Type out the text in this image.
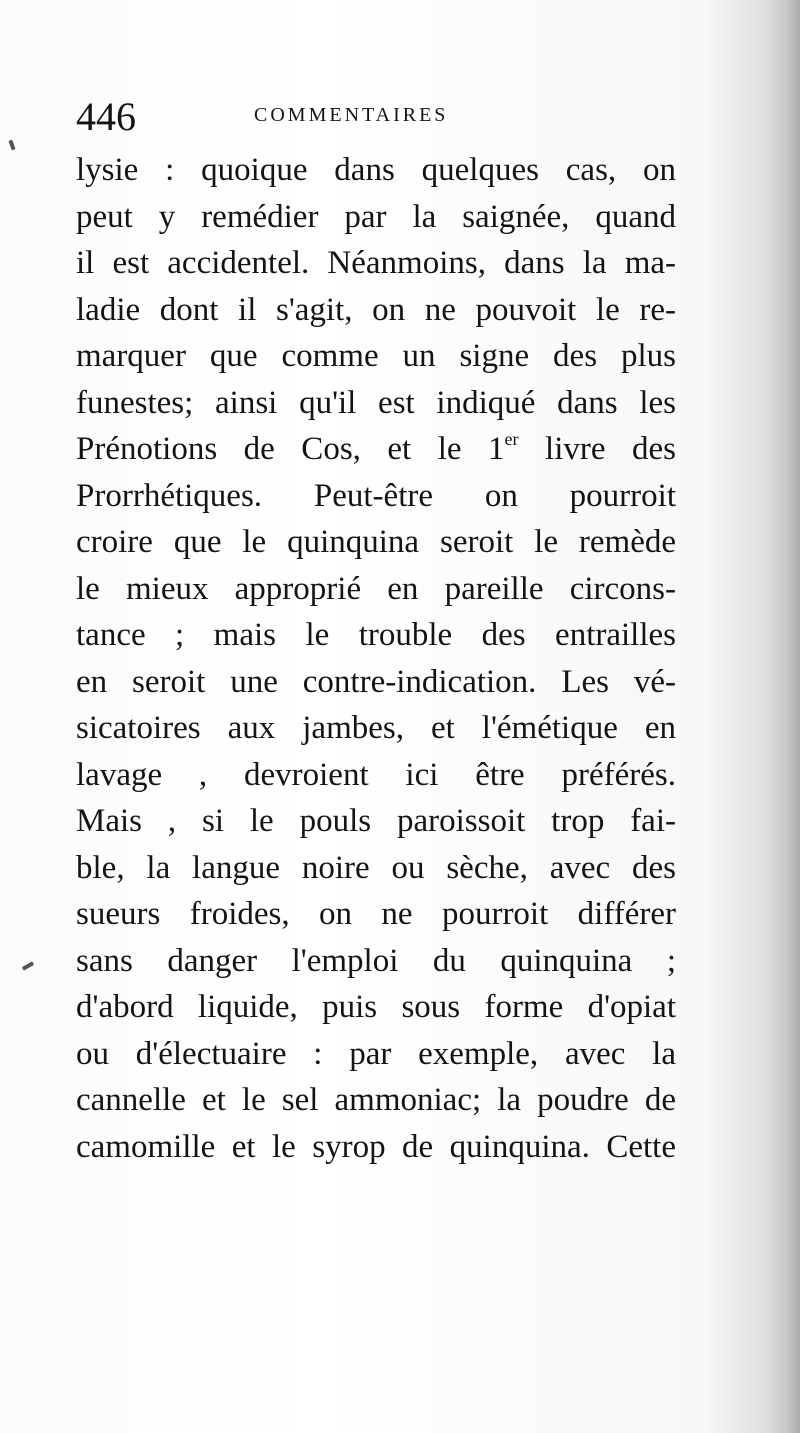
446	COMMENTAIRES
lysie : quoique dans quelques cas, on
peut y remédier par la saignée, quand
il est accidentel. Néanmoins, dans la ma-
ladie dont il s'agit, on ne pouvoit le re-
marquer que comme un signe des plus
funestes; ainsi qu'il est indiqué dans les
Prénotions de Cos, et le 1er livre des
Prorrhétiques. Peut-être on pourroit
croire que le quinquina seroit le remède
le mieux approprié en pareille circons-
tance ; mais le trouble des entrailles
en seroit une contre-indication. Les vé-
sicatoires aux jambes, et l'émétique en
lavage , devroient ici être préférés.
Mais , si le pouls paroissoit trop fai-
ble, la langue noire ou sèche, avec des
sueurs froides, on ne pourroit différer
sans danger l'emploi du quinquina ;
d'abord liquide, puis sous forme d'opiat
ou d'électuaire : par exemple, avec la
cannelle et le sel ammoniac; la poudre de
camomille et le syrop de quinquina. Cette
